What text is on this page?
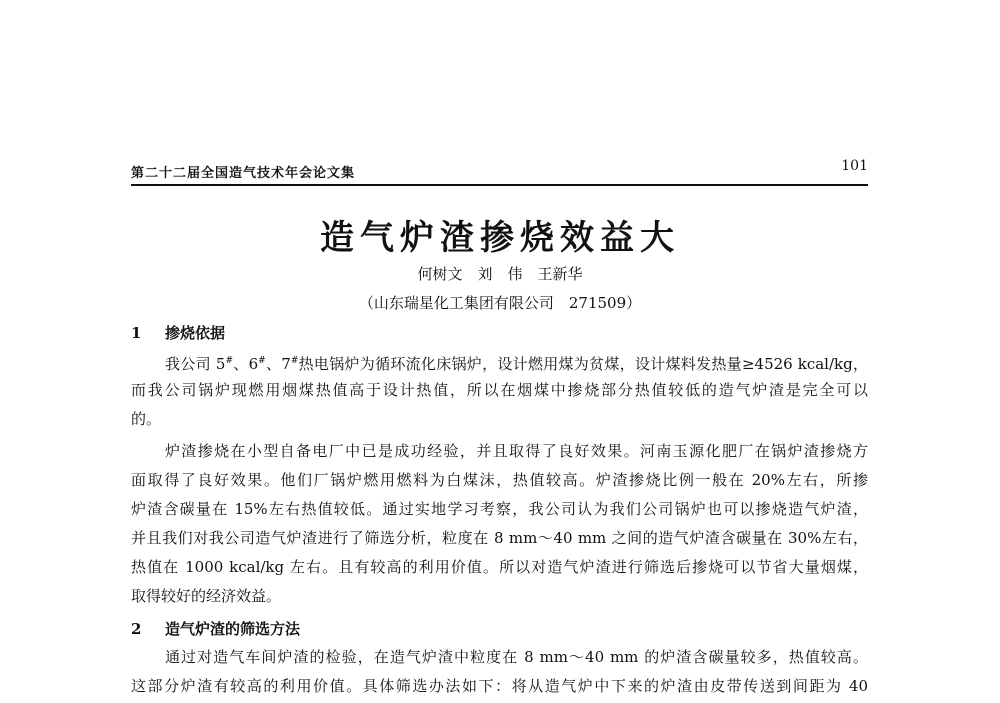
第二十二届全国造气技术年会论文集	101
造气炉渣掺烧效益大
何树文　刘　伟　王新华
（山东瑞星化工集团有限公司　271509）
1 掺烧依据
我公司 5#、6#、7#热电锅炉为循环流化床锅炉，设计燃用煤为贫煤，设计煤料发热量≥4526 kcal/kg，
而我公司锅炉现燃用烟煤热值高于设计热值，所以在烟煤中掺烧部分热值较低的造气炉渣是完全可以
的。
炉渣掺烧在小型自备电厂中已是成功经验，并且取得了良好效果。河南玉源化肥厂在锅炉渣掺烧方
面取得了良好效果。他们厂锅炉燃用燃料为白煤沫，热值较高。炉渣掺烧比例一般在 20%左右，所掺
炉渣含碳量在 15%左右热值较低。通过实地学习考察，我公司认为我们公司锅炉也可以掺烧造气炉渣，
并且我们对我公司造气炉渣进行了筛选分析，粒度在 8 mm～40 mm 之间的造气炉渣含碳量在 30%左右，
热值在 1000 kcal/kg 左右。且有较高的利用价值。所以对造气炉渣进行筛选后掺烧可以节省大量烟煤，
取得较好的经济效益。
2 造气炉渣的筛选方法
通过对造气车间炉渣的检验，在造气炉渣中粒度在 8 mm～40 mm 的炉渣含碳量较多，热值较高。
这部分炉渣有较高的利用价值。具体筛选办法如下：将从造气炉中下来的炉渣由皮带传送到间距为 40
